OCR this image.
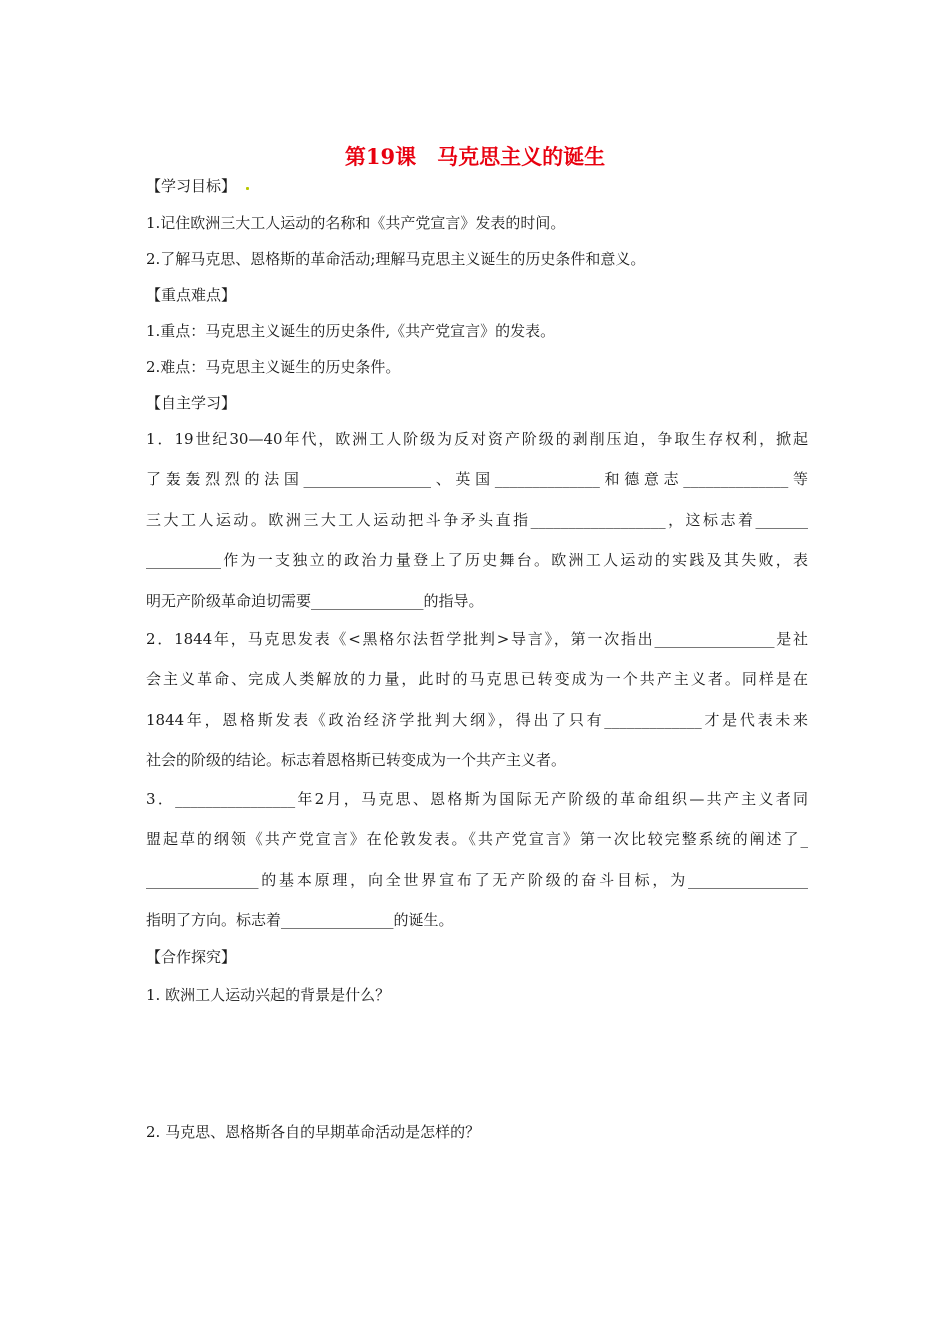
第19课　马克思主义的诞生
【学习目标】
1.记住欧洲三大工人运动的名称和《共产党宣言》发表的时间。
2.了解马克思、恩格斯的革命活动;理解马克思主义诞生的历史条件和意义。
【重点难点】
1.重点：马克思主义诞生的历史条件,《共产党宣言》的发表。
2.难点：马克思主义诞生的历史条件。
【自主学习】
1．19世纪30—40年代，欧洲工人阶级为反对资产阶级的剥削压迫，争取生存权利，掀起
了轰轰烈烈的法国_________________、英国______________和德意志______________等
三大工人运动。欧洲三大工人运动把斗争矛头直指__________________，这标志着_______
__________作为一支独立的政治力量登上了历史舞台。欧洲工人运动的实践及其失败，表
明无产阶级革命迫切需要_______________的指导。
2．1844年，马克思发表《<黑格尔法哲学批判>导言》，第一次指出________________是社
会主义革命、完成人类解放的力量，此时的马克思已转变成为一个共产主义者。同样是在
1844年，恩格斯发表《政治经济学批判大纲》，得出了只有_____________才是代表未来
社会的阶级的结论。标志着恩格斯已转变成为一个共产主义者。
3．________________年2月，马克思、恩格斯为国际无产阶级的革命组织—共产主义者同
盟起草的纲领《共产党宣言》在伦敦发表。《共产党宣言》第一次比较完整系统的阐述了_
_______________的基本原理，向全世界宣布了无产阶级的奋斗目标，为________________
指明了方向。标志着_______________的诞生。
【合作探究】
1. 欧洲工人运动兴起的背景是什么？
2. 马克思、恩格斯各自的早期革命活动是怎样的？
